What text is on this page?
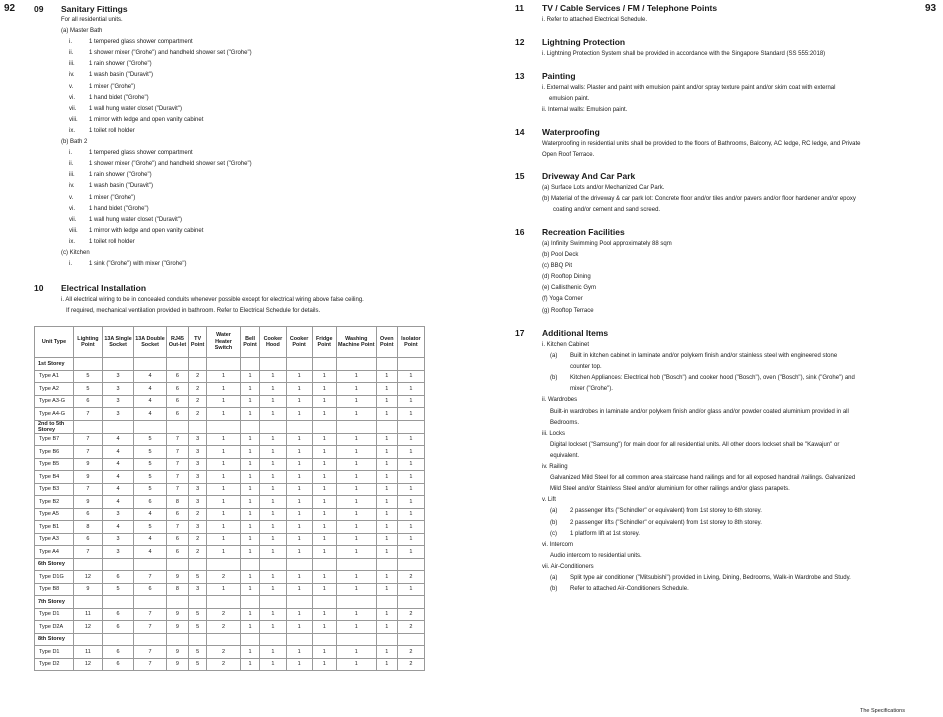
92	93
09 Sanitary Fittings
For all residential units.
(a) Master Bath
i.	1 tempered glass shower compartment
ii.	1 shower mixer ("Grohe") and handheld shower set ("Grohe")
iii. 1 rain shower ("Grohe")
iv. 1 wash basin ("Duravit")
v.	1 mixer ("Grohe")
vi. 1 hand bidet ("Grohe")
vii. 1 wall hung water closet ("Duravit")
viii. 1 mirror with ledge and open vanity cabinet
ix. 1 toilet roll holder
(b) Bath 2
i.	1 tempered glass shower compartment
ii.	1 shower mixer ("Grohe") and handheld shower set ("Grohe")
iii. 1 rain shower ("Grohe")
iv. 1 wash basin ("Duravit")
v.	1 mixer ("Grohe")
vi. 1 hand bidet ("Grohe")
vii. 1 wall hung water closet ("Duravit")
viii. 1 mirror with ledge and open vanity cabinet
ix. 1 toilet roll holder
(c) Kitchen
i.	1 sink ("Grohe") with mixer ("Grohe")
10 Electrical Installation
i. All electrical wiring to be in concealed conduits whenever possible except for electrical wiring above false ceiling.
If required, mechanical ventilation provided in bathroom. Refer to Electrical Schedule for details.
Unit Type	Lighting Point	13A Single Socket	13A Double Socket	RJ45 Out-let	TV Point	Water Heater Switch	Bell Point	Cooker Hood	Cooker Point	Fridge Point	Washing Machine Point	Oven Point	Isolator Point
1st Storey													
Type A1	5	3	4	6	2	1	1	1	1	1	1	1	1
Type A2	5	3	4	6	2	1	1	1	1	1	1	1	1
Type A3-G	6	3	4	6	2	1	1	1	1	1	1	1	1
Type A4-G	7	3	4	6	2	1	1	1	1	1	1	1	1
2nd to 5th Storey													
Type B7	7	4	5	7	3	1	1	1	1	1	1	1	1
Type B6	7	4	5	7	3	1	1	1	1	1	1	1	1
Type B5	9	4	5	7	3	1	1	1	1	1	1	1	1
Type B4	9	4	5	7	3	1	1	1	1	1	1	1	1
Type B3	7	4	5	7	3	1	1	1	1	1	1	1	1
Type B2	9	4	6	8	3	1	1	1	1	1	1	1	1
Type A5	6	3	4	6	2	1	1	1	1	1	1	1	1
Type B1	8	4	5	7	3	1	1	1	1	1	1	1	1
Type A3	6	3	4	6	2	1	1	1	1	1	1	1	1
Type A4	7	3	4	6	2	1	1	1	1	1	1	1	1
6th Storey													
Type D1G	12	6	7	9	5	2	1	1	1	1	1	1	2
Type B8	9	5	6	8	3	1	1	1	1	1	1	1	1
7th Storey													
Type D1	11	6	7	9	5	2	1	1	1	1	1	1	2
Type D2A	12	6	7	9	5	2	1	1	1	1	1	1	2
8th Storey													
Type D1	11	6	7	9	5	2	1	1	1	1	1	1	2
Type D2	12	6	7	9	5	2	1	1	1	1	1	1	2
11 TV / Cable Services / FM / Telephone Points
i. Refer to attached Electrical Schedule.
12 Lightning Protection
i. Lightning Protection System shall be provided in accordance with the Singapore Standard (SS 555:2018)
13 Painting
i. External walls: Plaster and paint with emulsion paint and/or spray texture paint and/or skim coat with external
emulsion paint.
ii. Internal walls: Emulsion paint.
14 Waterproofing
Waterproofing in residential units shall be provided to the floors of Bathrooms, Balcony, AC ledge, RC ledge, and Private
Open Roof Terrace.
15 Driveway And Car Park
(a) Surface Lots and/or Mechanized Car Park.
(b) Material of the driveway & car park lot: Concrete floor and/or tiles and/or pavers and/or floor hardener and/or epoxy
coating and/or cement and sand screed.
16 Recreation Facilities
(a) Infinity Swimming Pool approximately 88 sqm
(b) Pool Deck
(c) BBQ Pit
(d) Rooftop Dining
(e) Callisthenic Gym
(f) Yoga Corner
(g) Rooftop Terrace
17 Additional Items
i. Kitchen Cabinet
(a) Built in kitchen cabinet in laminate and/or polykem finish and/or stainless steel with engineered stone
counter top.
(b) Kitchen Appliances: Electrical hob ("Bosch") and cooker hood ("Bosch"), oven ("Bosch"), sink ("Grohe") and
mixer ("Grohe").
ii. Wardrobes
Built-in wardrobes in laminate and/or polykem finish and/or glass and/or powder coated aluminium provided in all
Bedrooms.
iii. Locks
Digital lockset ("Samsung") for main door for all residential units. All other doors lockset shall be "Kawajun" or
equivalent.
iv. Railing
Galvanized Mild Steel for all common area staircase hand railings and for all exposed handrail /railings. Galvanized
Mild Steel and/or Stainless Steel and/or aluminium for other railings and/or glass parapets.
v. Lift
(a) 2 passenger lifts ("Schindler" or equivalent) from 1st storey to 6th storey.
(b) 2 passenger lifts ("Schindler" or equivalent) from 1st storey to 8th storey.
(c) 1 platform lift at 1st storey.
vi. Intercom
Audio intercom to residential units.
vii. Air-Conditioners
(a) Split type air conditioner ("Mitsubishi") provided in Living, Dining, Bedrooms, Walk-in Wardrobe and Study.
(b) Refer to attached Air-Conditioners Schedule.
The Specifications
